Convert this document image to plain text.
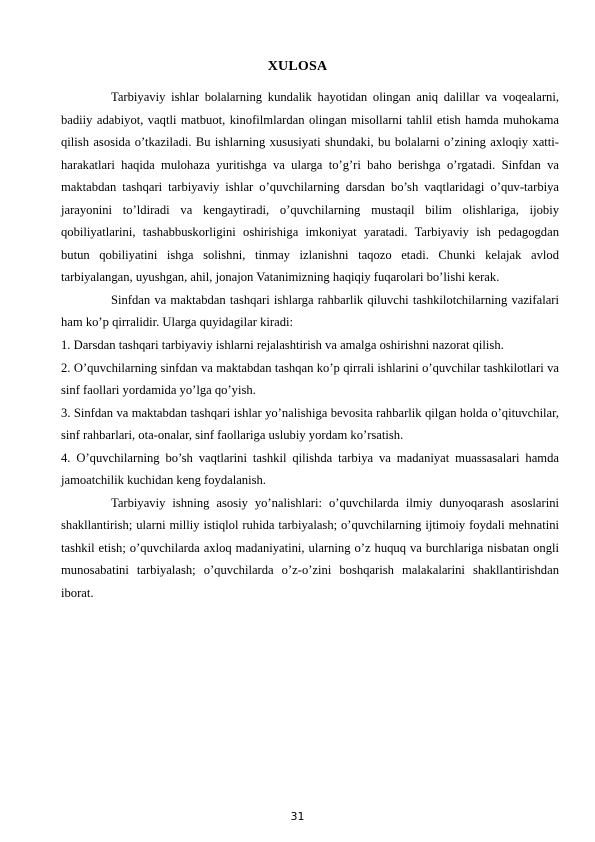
XULOSA

Tarbiyaviy ishlar bolalarning kundalik hayotidan olingan aniq dalillar va voqealarni, badiiy adabiyot, vaqtli matbuot, kinofilmlardan olingan misollarni tahlil etish hamda muhokama qilish asosida o’tkaziladi. Bu ishlarning xususiyati shundaki, bu bolalarni o’zining axloqiy xatti-harakatlari haqida mulohaza yuritishga va ularga to’g’ri baho berishga o’rgatadi. Sinfdan va maktabdan tashqari tarbiyaviy ishlar o’quvchilarning darsdan bo’sh vaqtlaridagi o’quv-tarbiya jarayonini to’ldiradi va kengaytiradi, o’quvchilarning mustaqil bilim olishlariga, ijobiy qobiliyatlarini, tashabbuskorligini oshirishiga imkoniyat yaratadi. Tarbiyaviy ish pedagogdan butun qobiliyatini ishga solishni, tinmay izlanishni taqozo etadi. Chunki kelajak avlod tarbiyalangan, uyushgan, ahil, jonajon Vatanimizning haqiqiy fuqarolari bo’lishi kerak.

Sinfdan va maktabdan tashqari ishlarga rahbarlik qiluvchi tashkilotchilarning vazifalari ham ko’p qirralidir. Ularga quyidagilar kiradi:

1. Darsdan tashqari tarbiyaviy ishlarni rejalashtirish va amalga oshirishni nazorat qilish.

2. O’quvchilarning sinfdan va maktabdan tashqan ko’p qirrali ishlarini o’quvchilar tashkilotlari va sinf faollari yordamida yo’lga qo’yish.

3. Sinfdan va maktabdan tashqari ishlar yo’nalishiga bevosita rahbarlik qilgan holda o’qituvchilar, sinf rahbarlari, ota-onalar, sinf faollariga uslubiy yordam ko’rsatish.

4. O’quvchilarning bo’sh vaqtlarini tashkil qilishda tarbiya va madaniyat muassasalari hamda jamoatchilik kuchidan keng foydalanish.

Tarbiyaviy ishning asosiy yo’nalishlari: o’quvchilarda ilmiy dunyoqarash asoslarini shakllantirish; ularni milliy istiqlol ruhida tarbiyalash; o’quvchilarning ijtimoiy foydali mehnatini tashkil etish; o’quvchilarda axloq madaniyatini, ularning o’z huquq va burchlariga nisbatan ongli munosabatini tarbiyalash; o’quvchilarda o’z-o’zini boshqarish malakalarini shakllantirishdan iborat.

31
